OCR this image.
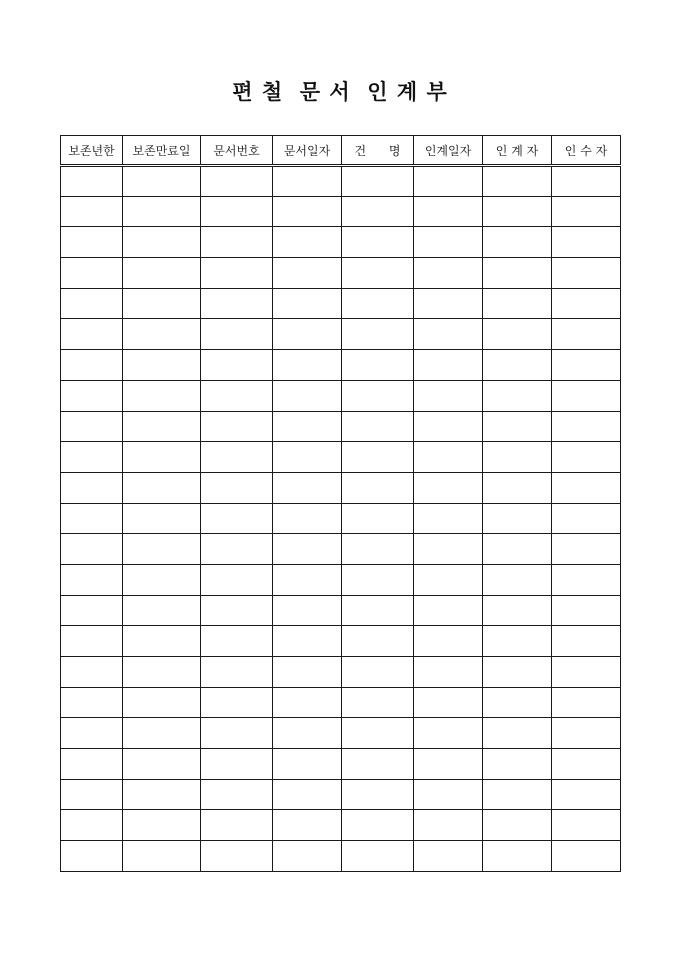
편 철  문 서  인 계 부
보존년한	보존만료일	문서번호	문서일자	건      명	인계일자	인 계 자	인 수 자
